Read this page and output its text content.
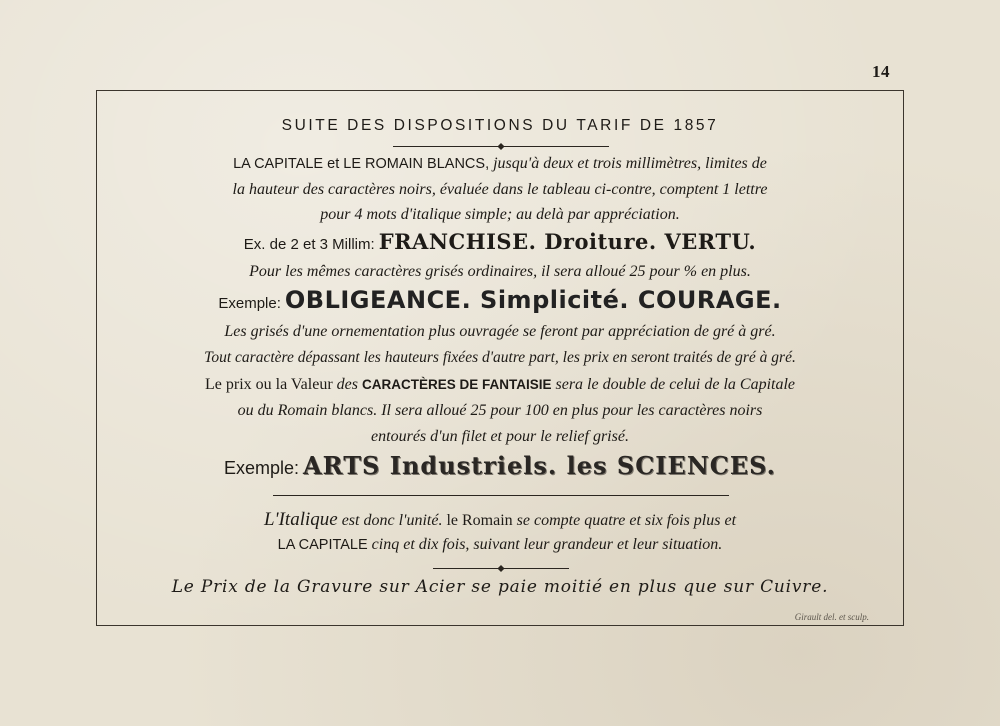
14
SUITE DES DISPOSITIONS DU TARIF DE 1857
LA CAPITALE et LE ROMAIN BLANCS, jusqu'à deux et trois millimètres, limites de
la hauteur des caractères noirs, évaluée dans le tableau ci-contre, comptent 1 lettre
pour 4 mots d'italique simple; au delà par appréciation.
Ex. de 2 et 3 Millim: FRANCHISE. Droiture. VERTU.
Pour les mêmes caractères grisés ordinaires, il sera alloué 25 pour % en plus.
Exemple: OBLIGEANCE. Simplicité. COURAGE.
Les grisés d'une ornementation plus ouvragée se feront par appréciation de gré à gré.
Tout caractère dépassant les hauteurs fixées d'autre part, les prix en seront traités de gré à gré.
Le prix ou la Valeur des CARACTÈRES DE FANTAISIE sera le double de celui de la Capitale
ou du Romain blancs. Il sera alloué 25 pour 100 en plus pour les caractères noirs
entourés d'un filet et pour le relief grisé.
Exemple: ARTS Industriels. les SCIENCES.
L'Italique est donc l'unité. le Romain se compte quatre et six fois plus et
LA CAPITALE cinq et dix fois, suivant leur grandeur et leur situation.
Le Prix de la Gravure sur Acier se paie moitié en plus que sur Cuivre.
Girault del. et sculp.
